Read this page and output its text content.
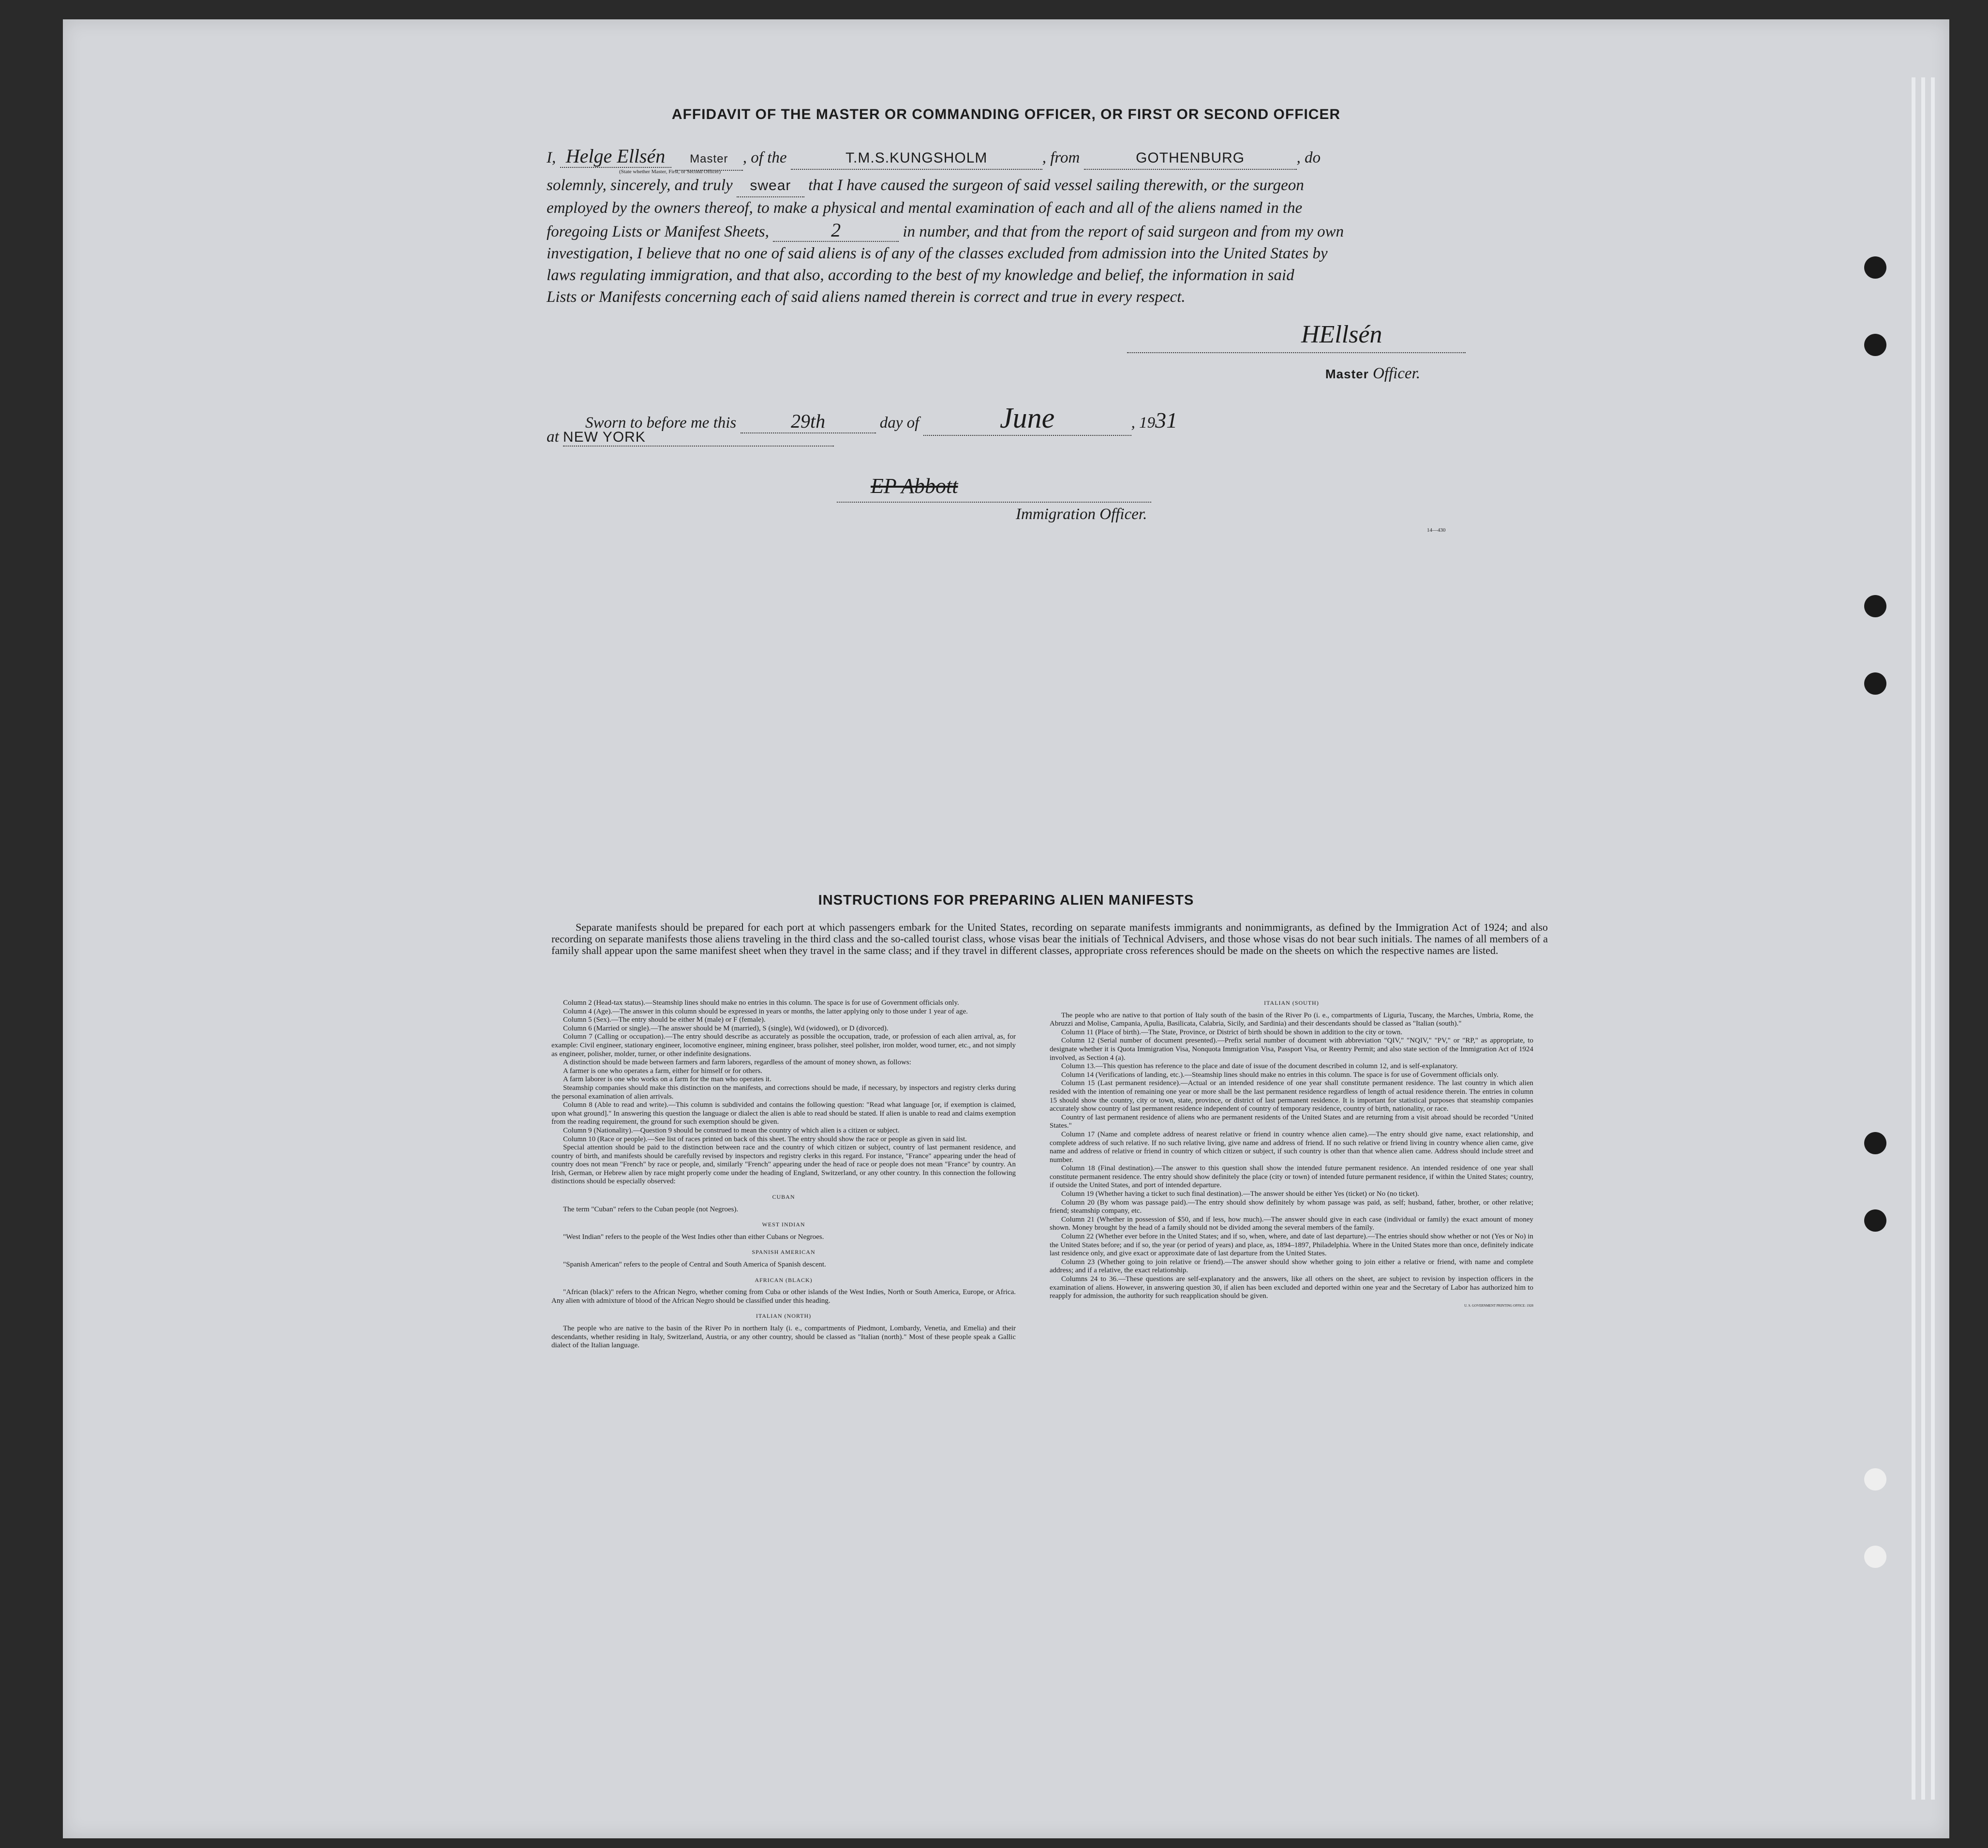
AFFIDAVIT OF THE MASTER OR COMMANDING OFFICER, OR FIRST OR SECOND OFFICER
I, Helge Ellsén Master , of the	T.M.S.KUNGSHOLM	, from	GOTHENBURG	, do
(State whether Master, First, or Second Officer)
solemnly, sincerely, and truly swear that I have caused the surgeon of said vessel sailing therewith, or the surgeon
employed by the owners thereof, to make a physical and mental examination of each and all of the aliens named in the
foregoing Lists or Manifest Sheets,	2	in number, and that from the report of said surgeon and from my own
investigation, I believe that no one of said aliens is of any of the classes excluded from admission into the United States by
laws regulating immigration, and that also, according to the best of my knowledge and belief, the information in said
Lists or Manifests concerning each of said aliens named therein is correct and true in every respect.
HEllsén
Master Officer.
Sworn to before me this	29th	day of	June	, 1931
at NEW YORK
EP Abbott
Immigration Officer.
14—430
INSTRUCTIONS FOR PREPARING ALIEN MANIFESTS
Separate manifests should be prepared for each port at which passengers embark for the United States, recording on separate manifests immigrants and nonimmigrants, as defined by the Immigration Act of 1924; and also recording on separate manifests those aliens traveling in the third class and the so-called tourist class, whose visas bear the initials of Technical Advisers, and those whose visas do not bear such initials. The names of all members of a family shall appear upon the same manifest sheet when they travel in the same class; and if they travel in different classes, appropriate cross references should be made on the sheets on which the respective names are listed.

Column 2 (Head-tax status).—Steamship lines should make no entries in this column. The space is for use of Government officials only.

Column 4 (Age).—The answer in this column should be expressed in years or months, the latter applying only to those under 1 year of age.

Column 5 (Sex).—The entry should be either M (male) or F (female).

Column 6 (Married or single).—The answer should be M (married), S (single), Wd (widowed), or D (divorced).

Column 7 (Calling or occupation).—The entry should describe as accurately as possible the occupation, trade, or profession of each alien arrival, as, for example: Civil engineer, stationary engineer, locomotive engineer, mining engineer, brass polisher, steel polisher, iron molder, wood turner, etc., and not simply as engineer, polisher, molder, turner, or other indefinite designations.

A distinction should be made between farmers and farm laborers, regardless of the amount of money shown, as follows:

A farmer is one who operates a farm, either for himself or for others.

A farm laborer is one who works on a farm for the man who operates it.

Steamship companies should make this distinction on the manifests, and corrections should be made, if necessary, by inspectors and registry clerks during the personal examination of alien arrivals.

Column 8 (Able to read and write).—This column is subdivided and contains the following question: "Read what language [or, if exemption is claimed, upon what ground]." In answering this question the language or dialect the alien is able to read should be stated. If alien is unable to read and claims exemption from the reading requirement, the ground for such exemption should be given.

Column 9 (Nationality).—Question 9 should be construed to mean the country of which alien is a citizen or subject.

Column 10 (Race or people).—See list of races printed on back of this sheet. The entry should show the race or people as given in said list.

Special attention should be paid to the distinction between race and the country of which citizen or subject, country of last permanent residence, and country of birth, and manifests should be carefully revised by inspectors and registry clerks in this regard. For instance, "France" appearing under the head of country does not mean "French" by race or people, and, similarly "French" appearing under the head of race or people does not mean "France" by country. An Irish, German, or Hebrew alien by race might properly come under the heading of England, Switzerland, or any other country. In this connection the following distinctions should be especially observed:

CUBAN

The term "Cuban" refers to the Cuban people (not Negroes).

WEST INDIAN

"West Indian" refers to the people of the West Indies other than either Cubans or Negroes.

SPANISH AMERICAN

"Spanish American" refers to the people of Central and South America of Spanish descent.

AFRICAN (BLACK)

"African (black)" refers to the African Negro, whether coming from Cuba or other islands of the West Indies, North or South America, Europe, or Africa. Any alien with admixture of blood of the African Negro should be classified under this heading.

ITALIAN (NORTH)

The people who are native to the basin of the River Po in northern Italy (i. e., compartments of Piedmont, Lombardy, Venetia, and Emelia) and their descendants, whether residing in Italy, Switzerland, Austria, or any other country, should be classed as "Italian (north)." Most of these people speak a Gallic dialect of the Italian language.

ITALIAN (SOUTH)

The people who are native to that portion of Italy south of the basin of the River Po (i. e., compartments of Liguria, Tuscany, the Marches, Umbria, Rome, the Abruzzi and Molise, Campania, Apulia, Basilicata, Calabria, Sicily, and Sardinia) and their descendants should be classed as "Italian (south)."

Column 11 (Place of birth).—The State, Province, or District of birth should be shown in addition to the city or town.

Column 12 (Serial number of document presented).—Prefix serial number of document with abbreviation "QIV," "NQIV," "PV," or "RP," as appropriate, to designate whether it is Quota Immigration Visa, Nonquota Immigration Visa, Passport Visa, or Reentry Permit; and also state section of the Immigration Act of 1924 involved, as Section 4 (a).

Column 13.—This question has reference to the place and date of issue of the document described in column 12, and is self-explanatory.

Column 14 (Verifications of landing, etc.).—Steamship lines should make no entries in this column. The space is for use of Government officials only.

Column 15 (Last permanent residence).—Actual or an intended residence of one year shall constitute permanent residence. The last country in which alien resided with the intention of remaining one year or more shall be the last permanent residence regardless of length of actual residence therein. The entries in column 15 should show the country, city or town, state, province, or district of last permanent residence. It is important for statistical purposes that steamship companies accurately show country of last permanent residence independent of country of temporary residence, country of birth, nationality, or race.

Country of last permanent residence of aliens who are permanent residents of the United States and are returning from a visit abroad should be recorded "United States."

Column 17 (Name and complete address of nearest relative or friend in country whence alien came).—The entry should give name, exact relationship, and complete address of such relative. If no such relative living, give name and address of friend. If no such relative or friend living in country whence alien came, give name and address of relative or friend in country of which citizen or subject, if such country is other than that whence alien came. Address should include street and number.

Column 18 (Final destination).—The answer to this question shall show the intended future permanent residence. An intended residence of one year shall constitute permanent residence. The entry should show definitely the place (city or town) of intended future permanent residence, if within the United States; country, if outside the United States, and port of intended departure.

Column 19 (Whether having a ticket to such final destination).—The answer should be either Yes (ticket) or No (no ticket).

Column 20 (By whom was passage paid).—The entry should show definitely by whom passage was paid, as self; husband, father, brother, or other relative; friend; steamship company, etc.

Column 21 (Whether in possession of $50, and if less, how much).—The answer should give in each case (individual or family) the exact amount of money shown. Money brought by the head of a family should not be divided among the several members of the family.

Column 22 (Whether ever before in the United States; and if so, when, where, and date of last departure).—The entries should show whether or not (Yes or No) in the United States before; and if so, the year (or period of years) and place, as, 1894–1897, Philadelphia. Where in the United States more than once, definitely indicate last residence only, and give exact or approximate date of last departure from the United States.

Column 23 (Whether going to join relative or friend).—The answer should show whether going to join either a relative or friend, with name and complete address; and if a relative, the exact relationship.

Columns 24 to 36.—These questions are self-explanatory and the answers, like all others on the sheet, are subject to revision by inspection officers in the examination of aliens. However, in answering question 30, if alien has been excluded and deported within one year and the Secretary of Labor has authorized him to reapply for admission, the authority for such reapplication should be given.

U. S. GOVERNMENT PRINTING OFFICE: 1928
